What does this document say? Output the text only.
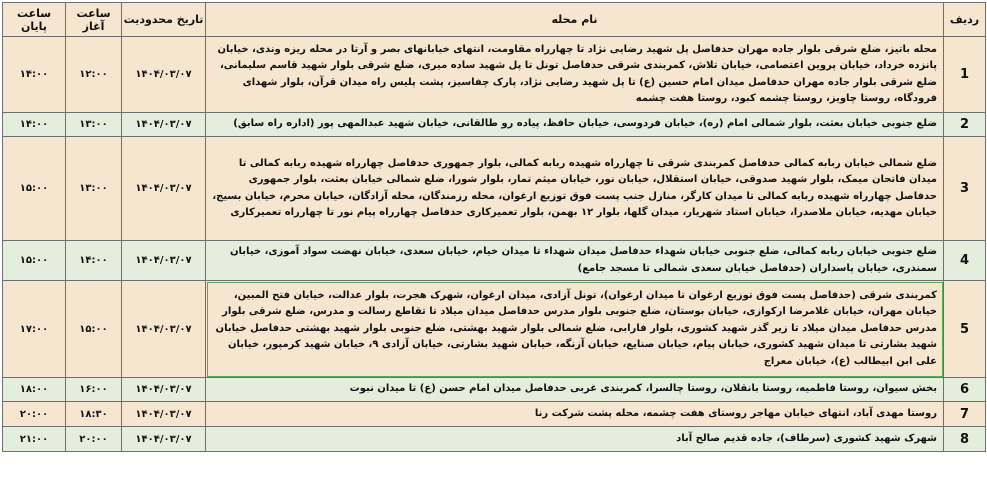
ردیف	نام محله	تاریخ محدودیت	ساعت آغاز	ساعت پایان
1	محله باتیز، ضلع شرقی بلوار جاده مهران حدفاصل پل شهید رضایی نژاد تا چهارراه مقاومت، انتهای خیابانهای بصر و آرتا در محله ریزه وندی، خیابان پانزده خرداد، خیابان پروین اعتصامی، خیابان تلاش، کمربندی شرقی حدفاصل تونل تا پل شهید ساده میری، ضلع شرقی بلوار شهید قاسم سلیمانی، ضلع شرقی بلوار جاده مهران حدفاصل میدان امام حسین (ع) تا پل شهید رضایی نژاد، پارک چفاسیز، پشت پلیس راه میدان قرآن، بلوار شهدای فرودگاه، روستا چاویز، روستا چشمه کبود، روستا هفت چشمه	۱۴۰۴/۰۳/۰۷	۱۲:۰۰	۱۴:۰۰
2	ضلع جنوبی خیابان بعثت، بلوار شمالی امام (ره)، خیابان فردوسی، خیابان حافظ، پیاده رو طالقانی، خیابان شهید عبدالمهی پور (اداره راه سابق)	۱۴۰۴/۰۳/۰۷	۱۳:۰۰	۱۴:۰۰
3	ضلع شمالی خیابان ربابه کمالی حدفاصل کمربندی شرقی تا چهارراه شهیده ربابه کمالی، بلوار جمهوری حدفاصل چهارراه شهیده ربابه کمالی تا میدان فاتحان میمک، بلوار شهید صدوقی، خیابان استقلال، خیابان نور، خیابان میثم تمار، بلوار شورا، ضلع شمالی خیابان بعثت، بلوار جمهوری حدفاصل چهارراه شهیده ربابه کمالی تا میدان کارگر، منازل جنب پست فوق توزیع ارغوان، محله رزمندگان، محله آزادگان، خیابان محرم، خیابان بسیج، خیابان مهدیه، خیابان ملاصدرا، خیابان استاد شهریار، میدان گلها، بلوار ۱۲ بهمن، بلوار تعمیرکاری حدفاصل چهارراه پیام نور تا چهارراه تعمیرکاری	۱۴۰۴/۰۳/۰۷	۱۳:۰۰	۱۵:۰۰
4	ضلع جنوبی خیابان ربابه کمالی، ضلع جنوبی خیابان شهداء حدفاصل میدان شهداء تا میدان خیام، خیابان سعدی، خیابان نهضت سواد آموزی، خیابان سمندری، خیابان پاسداران (حدفاصل خیابان سعدی شمالی تا مسجد جامع)	۱۴۰۴/۰۳/۰۷	۱۴:۰۰	۱۵:۰۰
5	کمربندی شرقی (حدفاصل پست فوق توزیع ارغوان تا میدان ارغوان)، تونل آزادی، میدان ارغوان، شهرک هجرت، بلوار عدالت، خیابان فتح المبین، خیابان مهران، خیابان غلامرضا ارکوازی، خیابان بوستان، ضلع جنوبی بلوار مدرس حدفاصل میدان میلاد تا تقاطع رسالت و مدرس، ضلع شرقی بلوار مدرس حدفاصل میدان میلاد تا زیر گذر شهید کشوری، بلوار فارابی، ضلع شمالی بلوار شهید بهشتی، ضلع جنوبی بلوار شهید بهشتی حدفاصل خیابان شهید بشارتی تا میدان شهید کشوری، خیابان پیام، خیابان صنایع، خیابان آزنگه، خیابان شهید بشارتی، خیابان آزادی ۹، خیابان شهید کرمپور، خیابان علی ابن ابیطالب (ع)، خیابان معراج	۱۴۰۴/۰۳/۰۷	۱۵:۰۰	۱۷:۰۰
6	بخش سیوان، روستا فاطمیه، روستا بانقلان، روستا چالسرا، کمربندی غربی حدفاصل میدان امام حسن (ع) تا میدان نبوت	۱۴۰۴/۰۳/۰۷	۱۶:۰۰	۱۸:۰۰
7	روستا مهدی آباد، انتهای خیابان مهاجر روستای هفت چشمه، محله پشت شرکت رنا	۱۴۰۴/۰۳/۰۷	۱۸:۳۰	۲۰:۰۰
8	شهرک شهید کشوری (سرطاف)، جاده قدیم صالح آباد	۱۴۰۴/۰۳/۰۷	۲۰:۰۰	۲۱:۰۰
